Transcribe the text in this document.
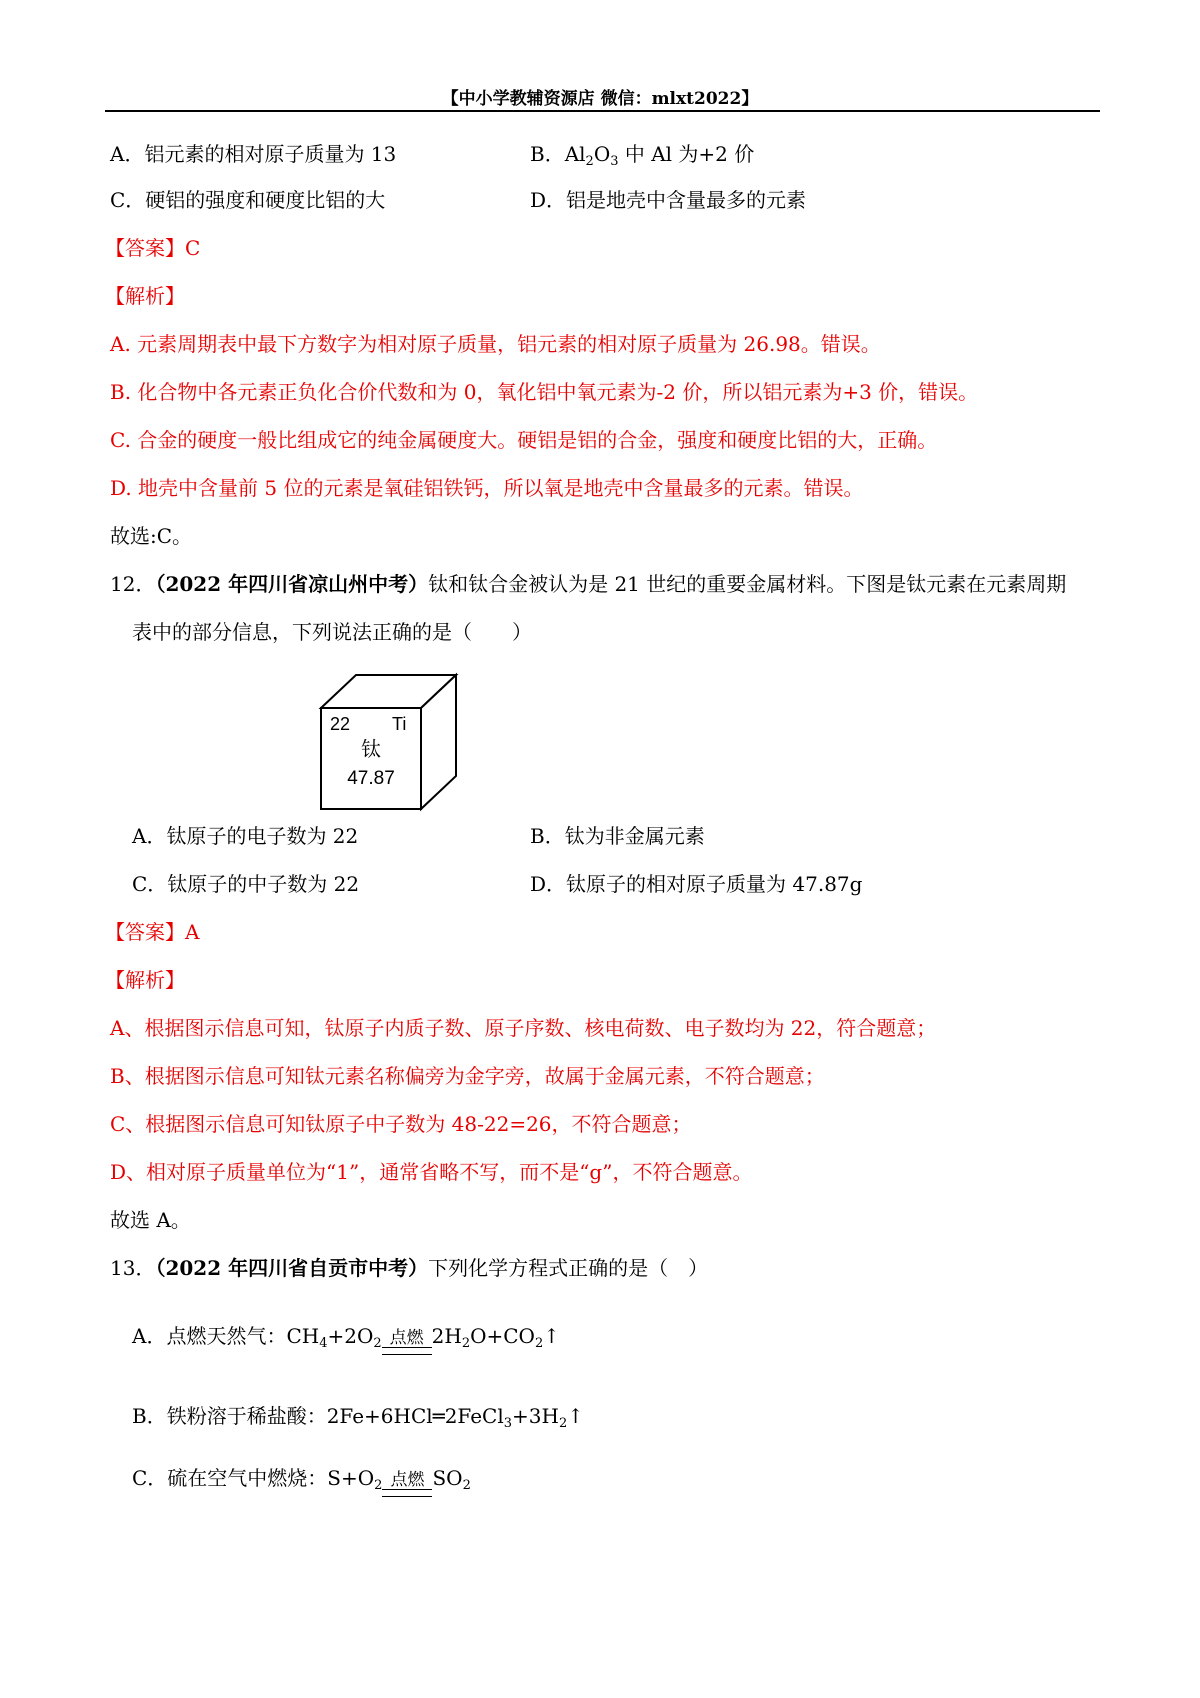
【中小学教辅资源店 微信：mlxt2022】
A．铝元素的相对原子质量为 13	B．$Al_2O_3$ 中 Al 为+2 价
C．硬铝的强度和硬度比铝的大	D．铝是地壳中含量最多的元素
【答案】C
【解析】
A. 元素周期表中最下方数字为相对原子质量，铝元素的相对原子质量为 26.98。错误。
B. 化合物中各元素正负化合价代数和为 0，氧化铝中氧元素为-2 价，所以铝元素为+3 价，错误。
C. 合金的硬度一般比组成它的纯金属硬度大。硬铝是铝的合金，强度和硬度比铝的大，正确。
D. 地壳中含量前 5 位的元素是氧硅铝铁钙，所以氧是地壳中含量最多的元素。错误。
故选:C。
12．（2022 年四川省凉山州中考）钛和钛合金被认为是 21 世纪的重要金属材料。下图是钛元素在元素周期
表中的部分信息，下列说法正确的是（　　）
22 Ti
钛
47.87
A．钛原子的电子数为 22	B．钛为非金属元素
C．钛原子的中子数为 22	D．钛原子的相对原子质量为 47.87g
【答案】A
【解析】
A、根据图示信息可知，钛原子内质子数、原子序数、核电荷数、电子数均为 22，符合题意；
B、根据图示信息可知钛元素名称偏旁为金字旁，故属于金属元素，不符合题意；
C、根据图示信息可知钛原子中子数为 48-22=26，不符合题意；
D、相对原子质量单位为“1”，通常省略不写，而不是“g”，不符合题意。
故选 A。
13．（2022 年四川省自贡市中考）下列化学方程式正确的是（　）
A．点燃天然气：$CH_4+2O_2$ 点燃 $2H_2O+CO_2↑$
B．铁粉溶于稀盐酸：$2Fe+6HCl═2FeCl_3+3H_2↑$
C．硫在空气中燃烧：$S+O_2$ 点燃 $SO_2$
